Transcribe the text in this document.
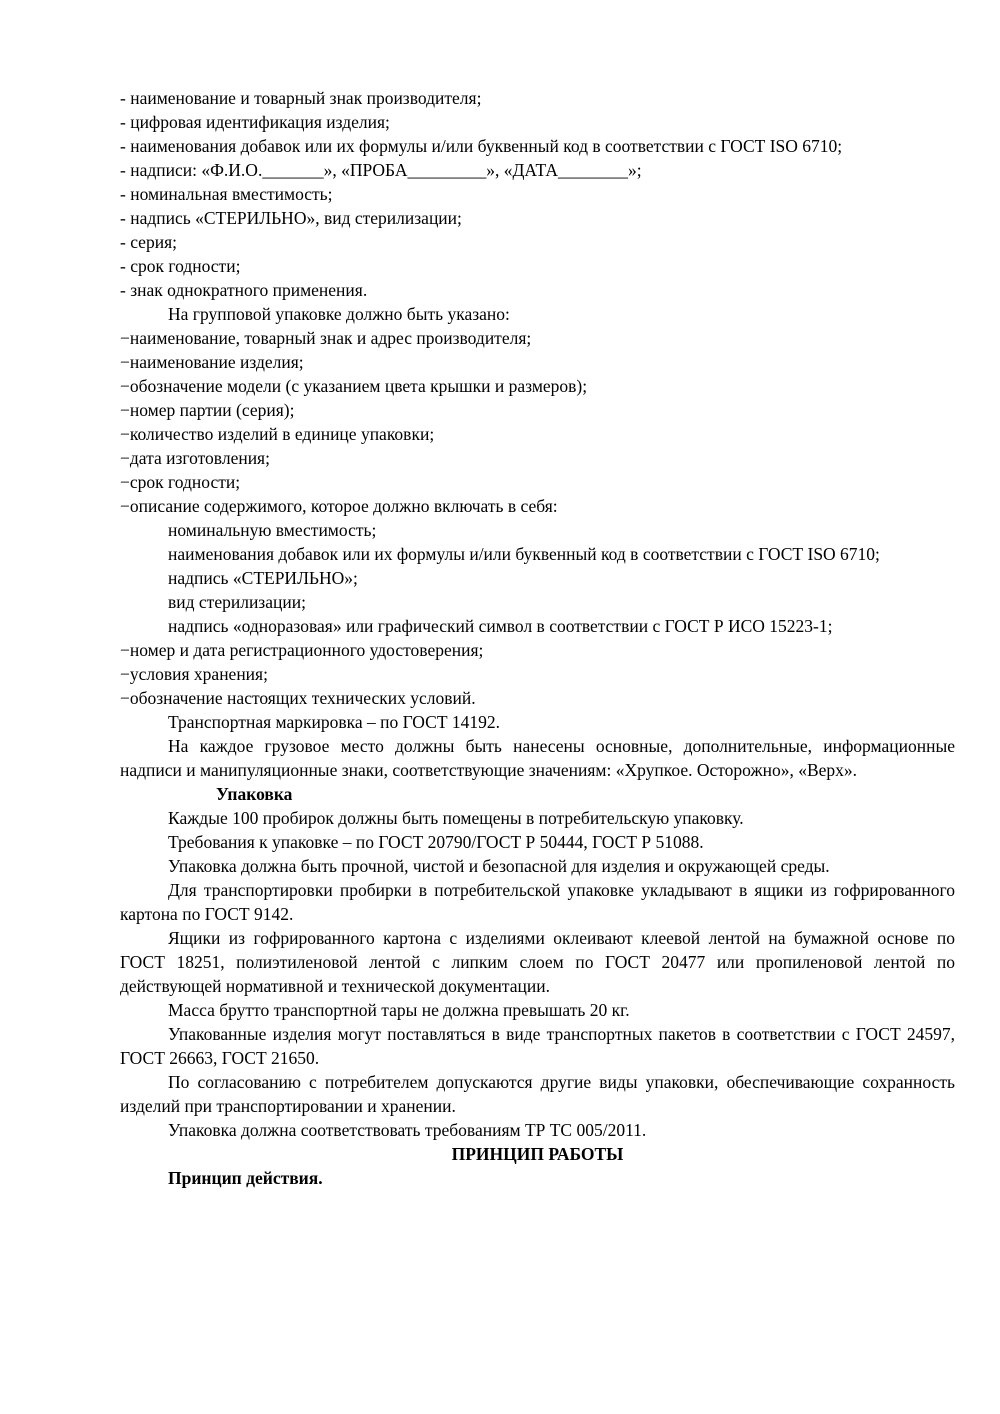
- наименование и товарный знак производителя;

- цифровая идентификация изделия;

- наименования добавок или их формулы и/или буквенный код в соответствии с ГОСТ ISO 6710;

- надписи: «Ф.И.О._______», «ПРОБА_________», «ДАТА________»;

- номинальная вместимость;

- надпись «СТЕРИЛЬНО», вид стерилизации;

- серия;

- срок годности;

- знак однократного применения.

На групповой упаковке должно быть указано:

−наименование, товарный знак и адрес производителя;

−наименование изделия;

−обозначение модели (с указанием цвета крышки и размеров);

−номер партии (серия);

−количество изделий в единице упаковки;

−дата изготовления;

−срок годности;

−описание содержимого, которое должно включать в себя:

номинальную вместимость;

наименования добавок или их формулы и/или буквенный код в соответствии с ГОСТ ISO 6710;

надпись «СТЕРИЛЬНО»;

вид стерилизации;

надпись «одноразовая» или графический символ в соответствии с ГОСТ Р ИСО 15223-1;

−номер и дата регистрационного удостоверения;

−условия хранения;

−обозначение настоящих технических условий.

Транспортная маркировка – по ГОСТ 14192.

На каждое грузовое место должны быть нанесены основные, дополнительные, информационные надписи и манипуляционные знаки, соответствующие значениям: «Хрупкое. Осторожно», «Верх».

Упаковка

Каждые 100 пробирок должны быть помещены в потребительскую упаковку.

Требования к упаковке – по ГОСТ 20790/ГОСТ Р 50444, ГОСТ Р 51088.

Упаковка должна быть прочной, чистой и безопасной для изделия и окружающей среды.

Для транспортировки пробирки в потребительской упаковке укладывают в ящики из гофрированного картона по ГОСТ 9142.

Ящики из гофрированного картона с изделиями оклеивают клеевой лентой на бумажной основе по ГОСТ 18251, полиэтиленовой лентой с липким слоем по ГОСТ 20477 или пропиленовой лентой по действующей нормативной и технической документации.

Масса брутто транспортной тары не должна превышать 20 кг.

Упакованные изделия могут поставляться в виде транспортных пакетов в соответствии с ГОСТ 24597, ГОСТ 26663, ГОСТ 21650.

По согласованию с потребителем допускаются другие виды упаковки, обеспечивающие сохранность изделий при транспортировании и хранении.

Упаковка должна соответствовать требованиям ТР ТС 005/2011.

ПРИНЦИП РАБОТЫ

Принцип действия.
